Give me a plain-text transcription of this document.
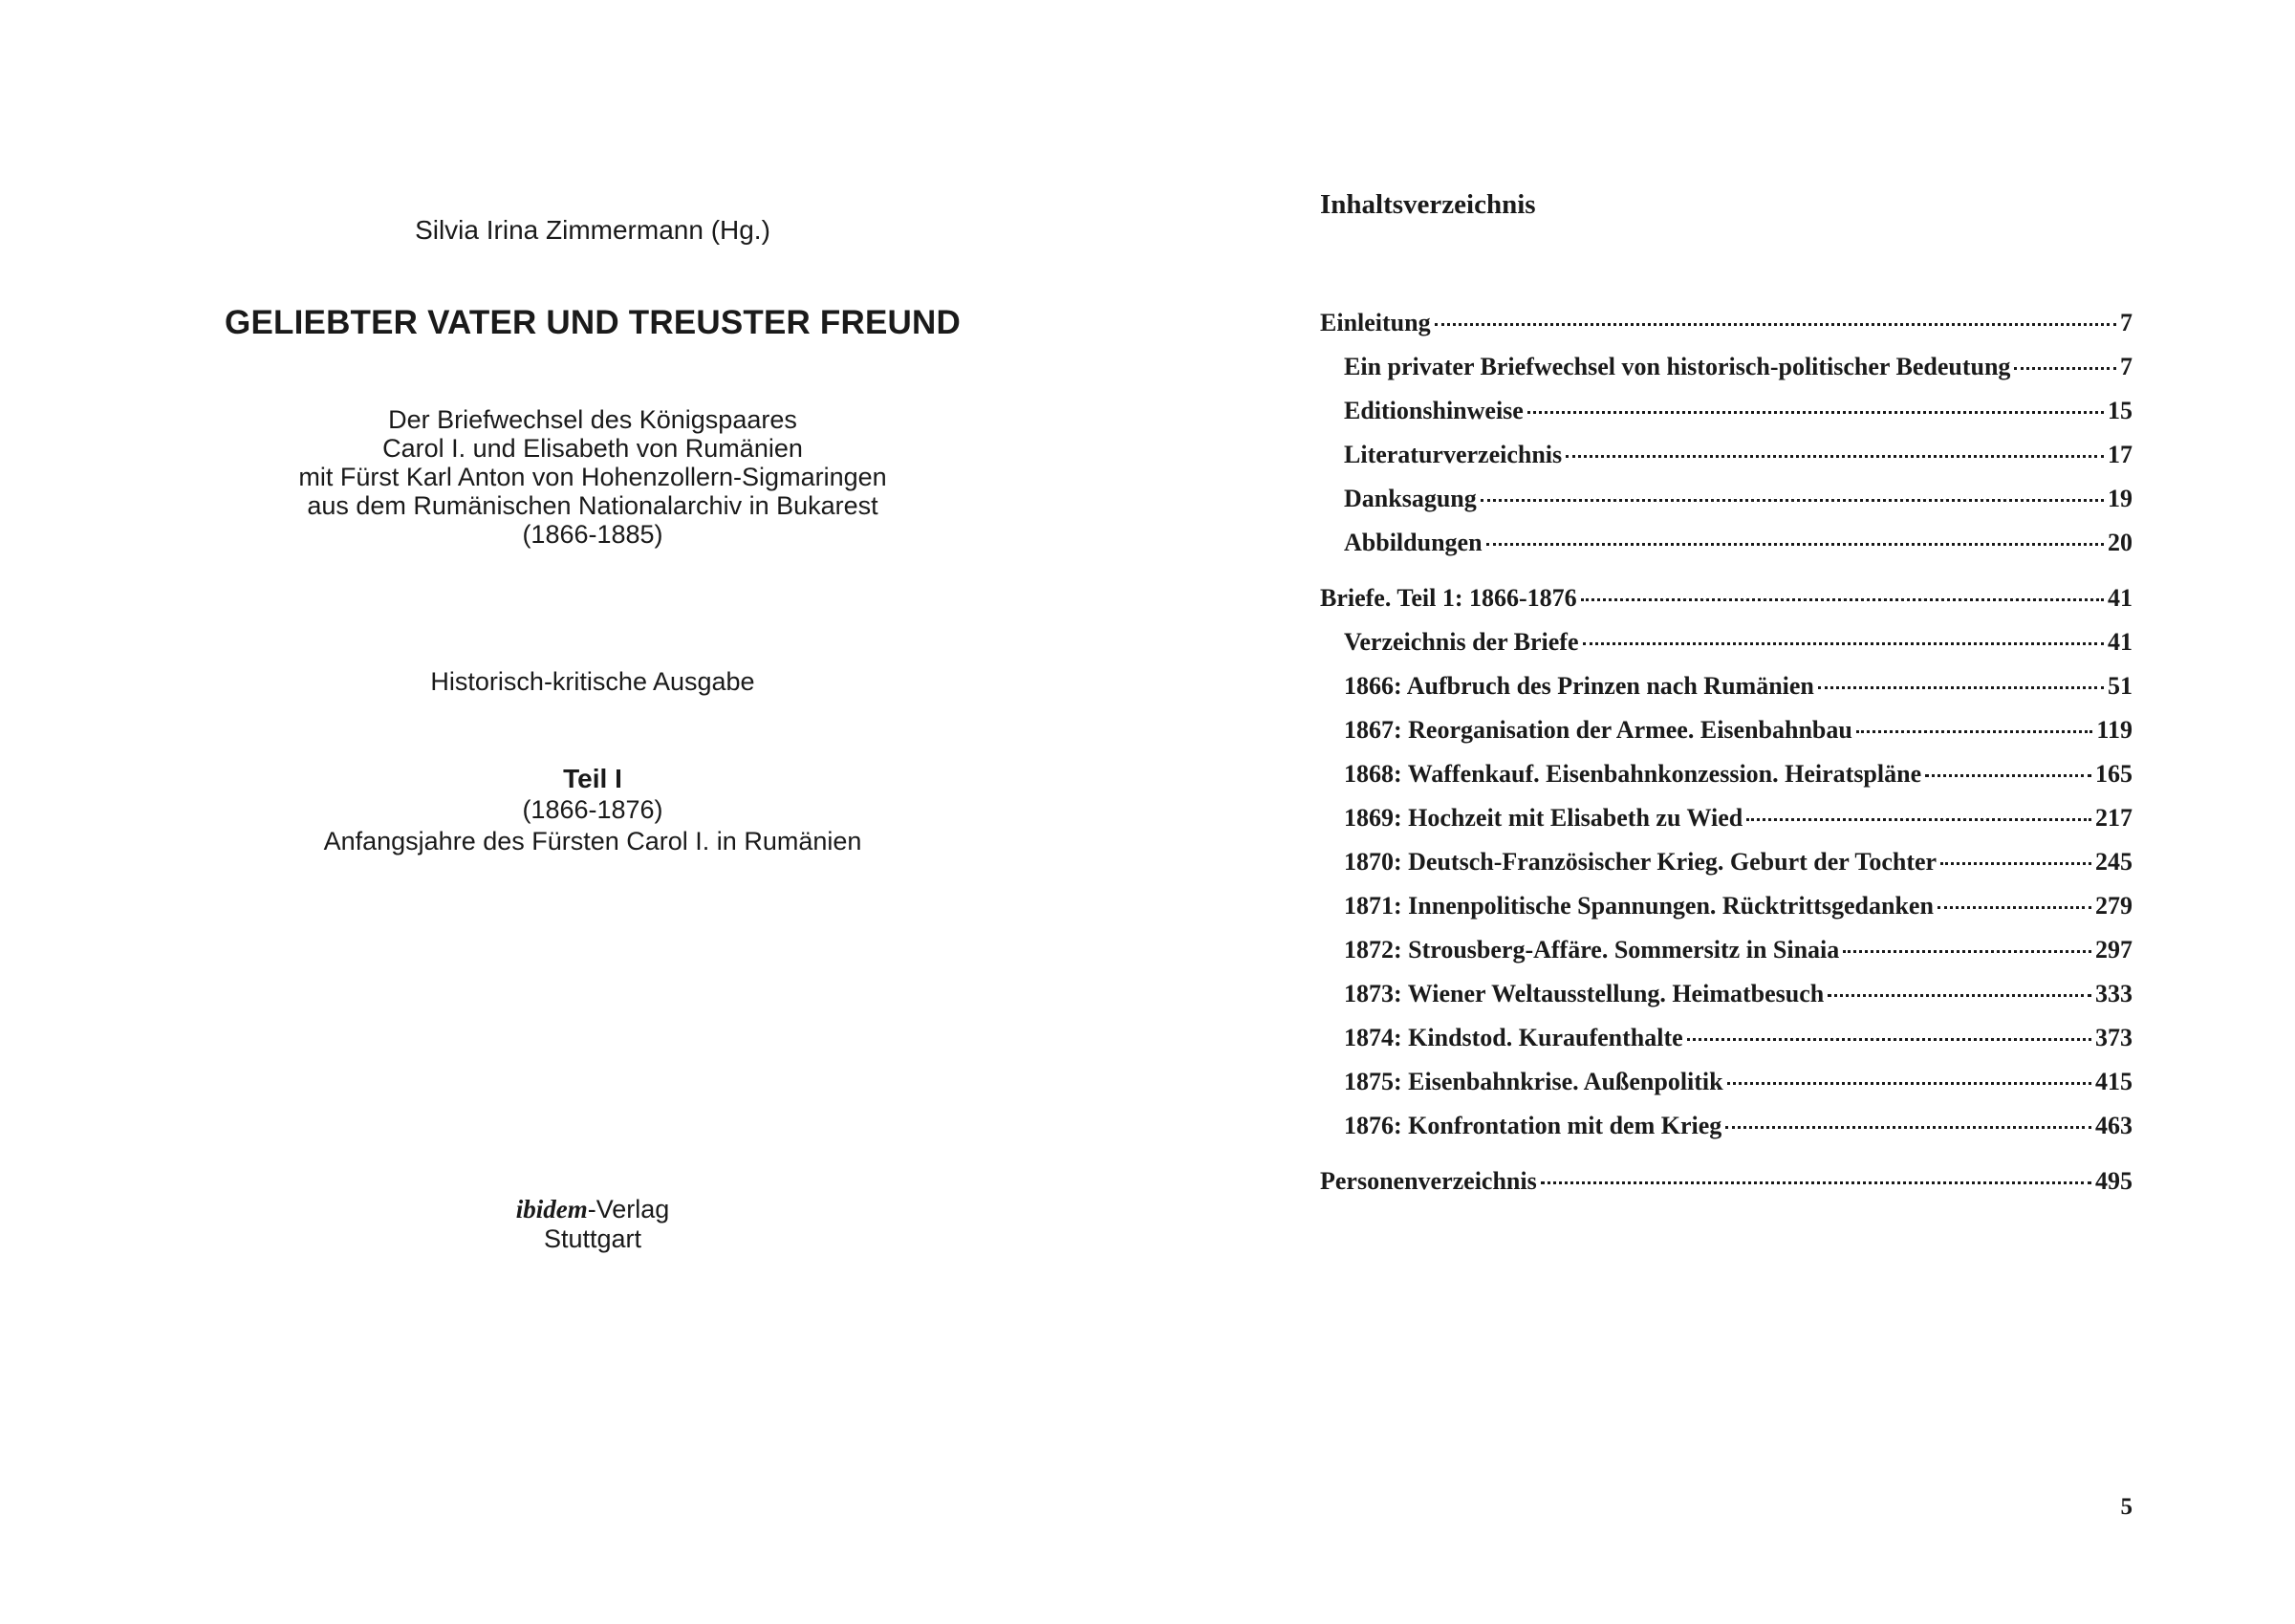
Silvia Irina Zimmermann (Hg.)
GELIEBTER VATER UND TREUSTER FREUND
Der Briefwechsel des Königspaares
Carol I. und Elisabeth von Rumänien
mit Fürst Karl Anton von Hohenzollern-Sigmaringen
aus dem Rumänischen Nationalarchiv in Bukarest
(1866-1885)
Historisch-kritische Ausgabe
Teil I
(1866-1876)
Anfangsjahre des Fürsten Carol I. in Rumänien
ibidem-Verlag
Stuttgart
Inhaltsverzeichnis
Einleitung	7
Ein privater Briefwechsel von historisch-politischer Bedeutung	7
Editionshinweise	15
Literaturverzeichnis	17
Danksagung	19
Abbildungen	20
Briefe. Teil 1: 1866-1876	41
Verzeichnis der Briefe	41
1866: Aufbruch des Prinzen nach Rumänien	51
1867: Reorganisation der Armee. Eisenbahnbau	119
1868: Waffenkauf. Eisenbahnkonzession. Heiratspläne	165
1869: Hochzeit mit Elisabeth zu Wied	217
1870: Deutsch-Französischer Krieg. Geburt der Tochter	245
1871: Innenpolitische Spannungen. Rücktrittsgedanken	279
1872: Strousberg-Affäre. Sommersitz in Sinaia	297
1873: Wiener Weltausstellung. Heimatbesuch	333
1874: Kindstod. Kuraufenthalte	373
1875: Eisenbahnkrise. Außenpolitik	415
1876: Konfrontation mit dem Krieg	463
Personenverzeichnis	495
5
